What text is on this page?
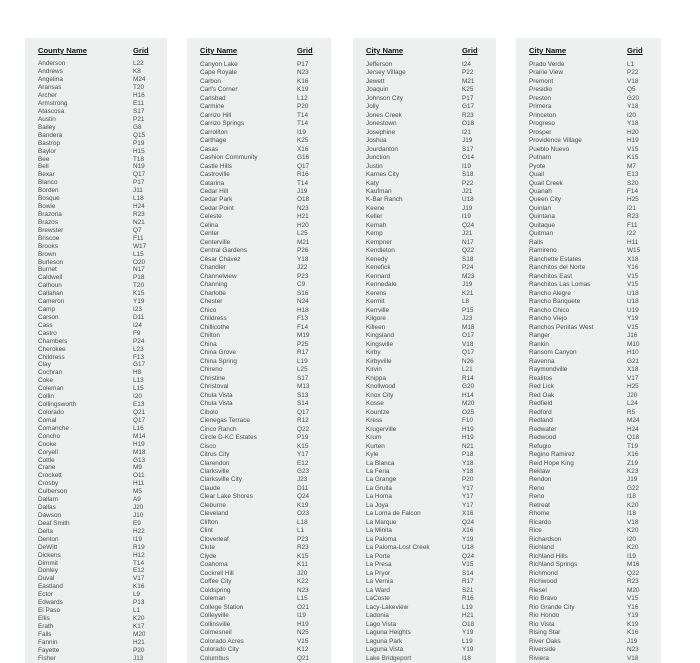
County Name	Grid
Anderson	L22
Andrews	K8
Angelina	M24
Aransas	T20
Archer	H16
Armstrong	E11
Atascosa	S17
Austin	P21
Bailey	G8
Bandera	Q15
Bastrop	P19
Baylor	H15
Bee	T18
Bell	N19
Bexar	Q17
Blanco	P17
Borden	J11
Bosque	L18
Bowie	H24
Brazoria	R23
Brazos	N21
Brewster	Q7
Briscoe	F11
Brooks	W17
Brown	L15
Burleson	O20
Burnet	N17
Caldwell	P18
Calhoun	T20
Callahan	K15
Cameron	Y19
Camp	I23
Carson	D11
Cass	I24
Castro	F9
Chambers	P24
Cherokee	L23
Childress	F13
Clay	G17
Cochran	H8
Coke	L13
Coleman	L15
Collin	I20
Collingsworth	E13
Colorado	Q21
Comal	Q17
Comanche	L16
Concho	M14
Cooke	H19
Coryell	M18
Cottle	G13
Crane	M9
Crockett	O11
Crosby	H11
Culberson	M5
Dallam	A9
Dallas	J20
Dawson	J10
Deaf Smith	E9
Delta	H22
Denton	I19
DeWitt	R19
Dickens	H12
Dimmit	T14
Donley	E12
Duval	V17
Eastland	K16
Ector	L9
Edwards	P13
El Paso	L1
Ellis	K20
Erath	K17
Falls	M20
Fannin	H21
Fayette	P20
Fisher	J13
City Name	Grid
Canyon Lake	P17
Cape Royale	N23
Carbon	K16
Carl's Corner	K19
Carlsbad	L12
Carmine	P20
Carrizo Hill	T14
Carrizo Springs	T14
Carrollton	I19
Carthage	K25
Casas	X16
Cashion Community	G16
Castle Hills	Q17
Castroville	R16
Catarina	T14
Cedar Hill	J19
Cedar Park	O18
Cedar Point	N23
Celeste	H21
Celina	H20
Center	L25
Centerville	M21
Central Gardens	P26
César Chávez	Y18
Chandler	J22
Channelview	P23
Channing	C9
Charlotte	S16
Chester	N24
Chico	H18
Childress	F13
Chillicothe	F14
Chilton	M19
China	P25
China Grove	R17
China Spring	L19
Chireno	L25
Christine	S17
Christoval	M13
Chula Vista	S13
Chula Vista	S14
Cibolo	Q17
Cienegas Terrace	R12
Cinco Ranch	Q22
Circle D-KC Estates	P19
Cisco	K15
Citrus City	Y17
Clarendon	E12
Clarksville	G23
Clarksville City	J23
Claude	D11
Clear Lake Shores	Q24
Cleburne	K19
Cleveland	O23
Clifton	L18
Clint	L1
Cloverleaf	P23
Clute	R23
Clyde	K15
Coahoma	K11
Cockrell Hill	J20
Coffee City	K22
Coldspring	N23
Coleman	L15
College Station	O21
Colleyville	I19
Collinsville	H19
Colmesneil	N25
Colorado Acres	V15
Colorado City	K12
Columbus	Q21
City Name	Grid
Jefferson	I24
Jersey Village	P22
Jewett	M21
Joaquin	K25
Johnson City	P17
Jolly	G17
Jones Creek	R23
Jonestown	O18
Josephine	I21
Joshua	J19
Jourdanton	S17
Junction	O14
Justin	I19
Karnes City	S18
Katy	P22
Kaufman	J21
K-Bar Ranch	U18
Keene	J19
Keller	I19
Kemah	Q24
Kemp	J21
Kempner	N17
Kendleton	Q22
Kenedy	S18
Kenefick	P24
Kennard	M23
Kennedale	J19
Kerens	K21
Kermit	L8
Kerrville	P15
Kilgore	J23
Killeen	M18
Kingsland	O17
Kingsville	V18
Kirby	Q17
Kirbyville	N26
Kirvin	L21
Knippa	R14
Knollwood	G20
Knox City	H14
Kosse	M20
Kountze	O25
Kress	F10
Krugerville	H19
Krum	H19
Kurten	N21
Kyle	P18
La Blanca	Y18
La Feria	Y18
La Grange	P20
La Grulla	Y17
La Homa	Y17
La Joya	Y17
La Loma de Falcon	X16
La Marque	Q24
La Minita	X16
La Paloma	Y19
La Paloma-Lost Creek	U18
La Porte	Q24
La Presa	V15
La Pryor	S14
La Vernia	R17
La Ward	S21
LaCoste	R16
Lacy-Lakeview	L19
Ladonia	H21
Lago Vista	O18
Laguna Heights	Y19
Laguna Park	L19
Laguna Vista	Y19
Lake Bridgeport	I18
City Name	Grid
Prado Verde	L1
Prairie View	P22
Premont	V18
Presidio	Q5
Preston	G20
Primera	Y18
Princeton	I20
Progreso	Y18
Prosper	H20
Providence Village	H19
Pueblo Nuevo	V15
Putnam	K15
Pyote	M7
Quail	E13
Quail Creek	S20
Quanah	F14
Queen City	H25
Quinlan	I21
Quintana	R23
Quitaque	F11
Quitman	I22
Ralls	H11
Ramireno	W15
Ranchette Estates	X18
Ranchitos del Norte	Y16
Ranchitos East	V15
Ranchitos Las Lomas	V15
Rancho Alegre	U18
Rancho Banquete	U18
Rancho Chico	U19
Rancho Viejo	Y19
Ranchos Penitas West	V15
Ranger	J16
Rankin	M10
Ransom Canyon	H10
Ravenna	G21
Raymondville	X18
Realitos	V17
Red Lick	H25
Red Oak	J20
Redfield	L24
Redford	R5
Redland	M24
Redwater	H24
Redwood	Q18
Refugio	T19
Regino Ramirez	X16
Reid Hope King	Z19
Reklaw	K23
Rendon	J19
Reno	G22
Reno	I18
Retreat	K20
Rhome	I18
Ricardo	V18
Rice	K20
Richardson	I20
Richland	K20
Richland Hills	I19
Richland Springs	M16
Richmond	Q22
Richwood	R23
Riesel	M20
Rio Bravo	V15
Rio Grande City	Y16
Rio Hondo	Y19
Rio Vista	K19
Rising Star	K16
River Oaks	J19
Riverside	N23
Riviera	V18
